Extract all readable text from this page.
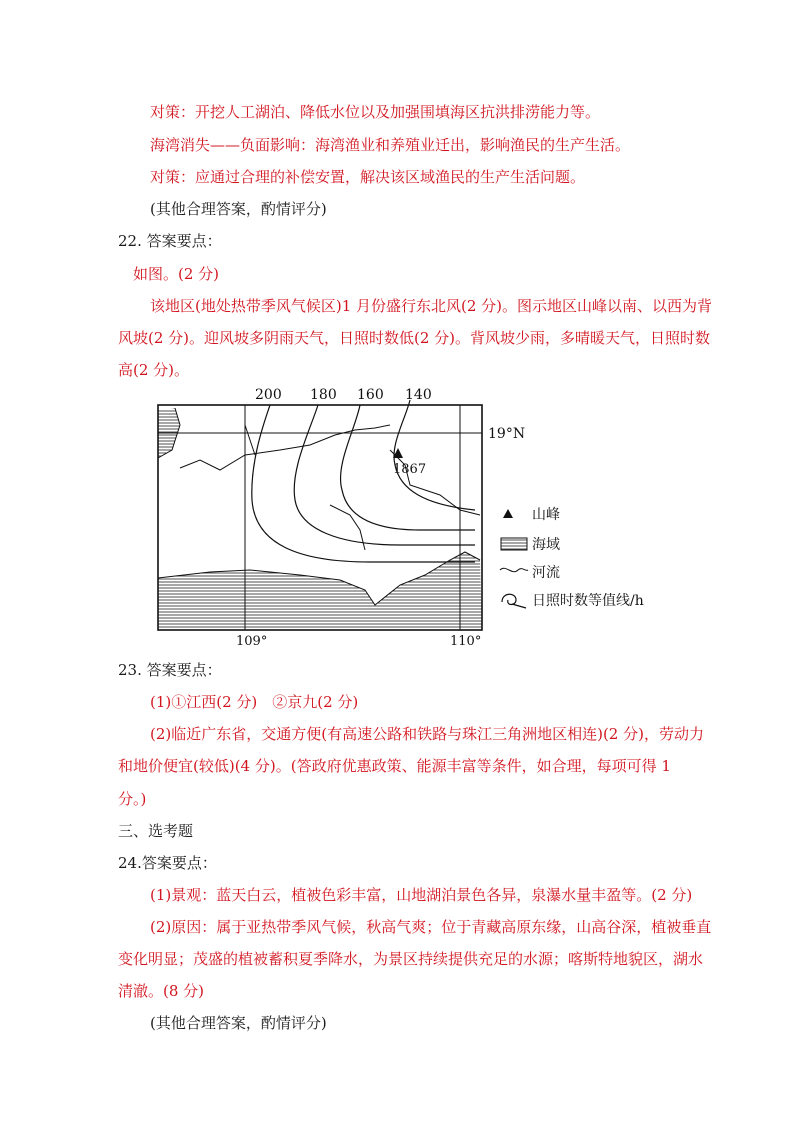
对策：开挖人工湖泊、降低水位以及加强围填海区抗洪排涝能力等。
海湾消失——负面影响：海湾渔业和养殖业迁出，影响渔民的生产生活。
对策：应通过合理的补偿安置，解决该区域渔民的生产生活问题。
(其他合理答案，酌情评分)
22. 答案要点：
如图。(2 分)
该地区(地处热带季风气候区)1 月份盛行东北风(2 分)。图示地区山峰以南、以西为背
风坡(2 分)。迎风坡多阴雨天气，日照时数低(2 分)。背风坡少雨，多晴暖天气，日照时数
高(2 分)。
200 180 160 140
19°N
1867
109°	110°
山峰
海域
河流
日照时数等值线/h
23. 答案要点：
(1)①江西(2 分)　②京九(2 分)
(2)临近广东省，交通方便(有高速公路和铁路与珠江三角洲地区相连)(2 分)，劳动力
和地价便宜(较低)(4 分)。(答政府优惠政策、能源丰富等条件，如合理，每项可得 1
分。)
三、选考题
24.答案要点：
(1)景观：蓝天白云，植被色彩丰富，山地湖泊景色各异，泉瀑水量丰盈等。(2 分)
(2)原因：属于亚热带季风气候，秋高气爽；位于青藏高原东缘，山高谷深，植被垂直
变化明显；茂盛的植被蓄积夏季降水，为景区持续提供充足的水源；喀斯特地貌区，湖水
清澈。(8 分)
(其他合理答案，酌情评分)
